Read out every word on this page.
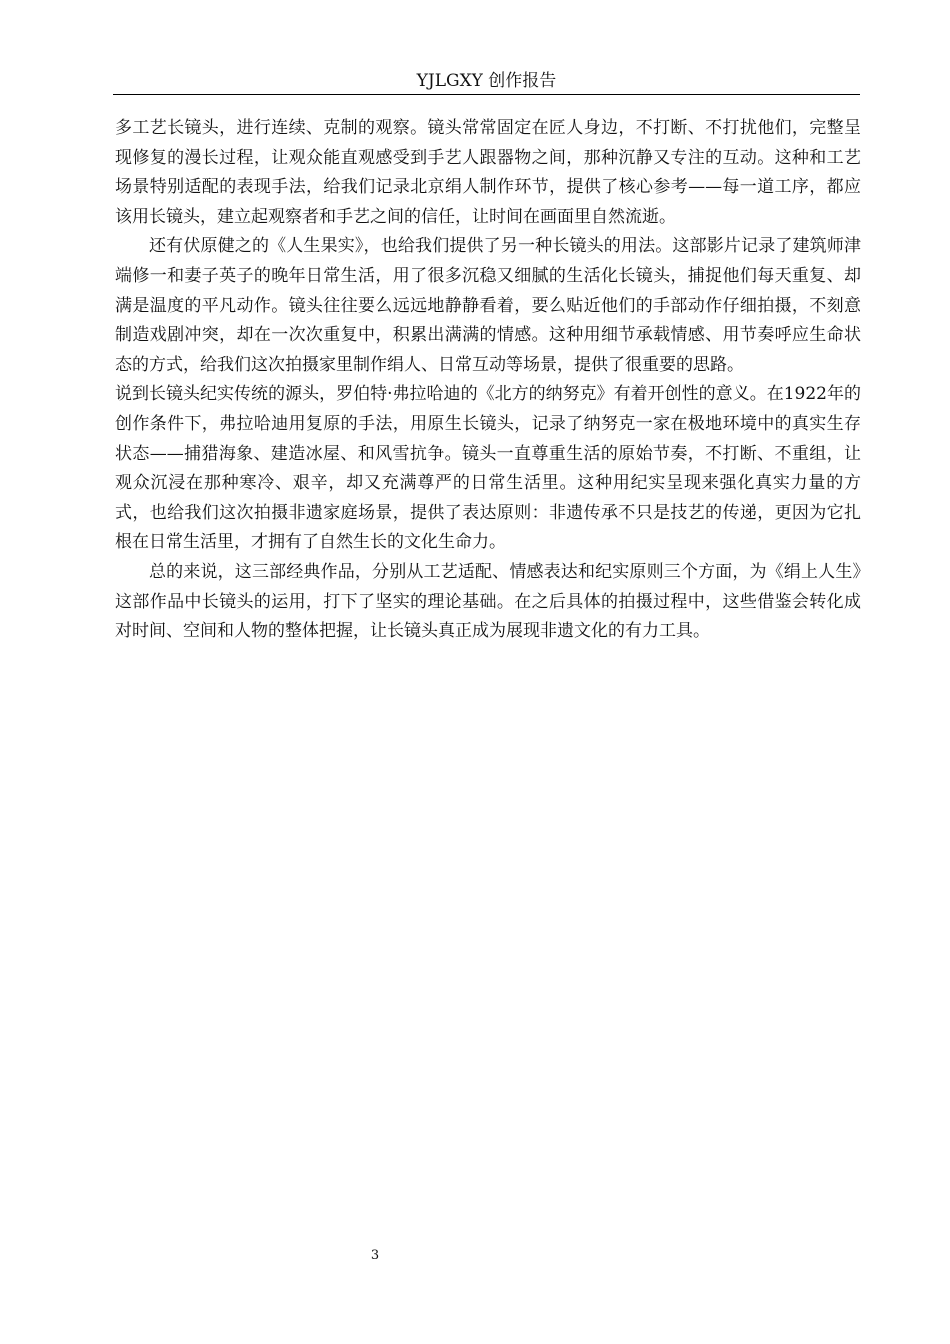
YJLGXY 创作报告

多工艺长镜头，进行连续、克制的观察。镜头常常固定在匠人身边，不打断、不打扰他们，完整呈现修复的漫长过程，让观众能直观感受到手艺人跟器物之间，那种沉静又专注的互动。这种和工艺场景特别适配的表现手法，给我们记录北京绢人制作环节，提供了核心参考——每一道工序，都应该用长镜头，建立起观察者和手艺之间的信任，让时间在画面里自然流逝。

还有伏原健之的《人生果实》，也给我们提供了另一种长镜头的用法。这部影片记录了建筑师津端修一和妻子英子的晚年日常生活，用了很多沉稳又细腻的生活化长镜头，捕捉他们每天重复、却满是温度的平凡动作。镜头往往要么远远地静静看着，要么贴近他们的手部动作仔细拍摄，不刻意制造戏剧冲突，却在一次次重复中，积累出满满的情感。这种用细节承载情感、用节奏呼应生命状态的方式，给我们这次拍摄家里制作绢人、日常互动等场景，提供了很重要的思路。

说到长镜头纪实传统的源头，罗伯特·弗拉哈迪的《北方的纳努克》有着开创性的意义。在1922年的创作条件下，弗拉哈迪用复原的手法，用原生长镜头，记录了纳努克一家在极地环境中的真实生存状态——捕猎海象、建造冰屋、和风雪抗争。镜头一直尊重生活的原始节奏，不打断、不重组，让观众沉浸在那种寒冷、艰辛，却又充满尊严的日常生活里。这种用纪实呈现来强化真实力量的方式，也给我们这次拍摄非遗家庭场景，提供了表达原则：非遗传承不只是技艺的传递，更因为它扎根在日常生活里，才拥有了自然生长的文化生命力。

总的来说，这三部经典作品，分别从工艺适配、情感表达和纪实原则三个方面，为《绢上人生》这部作品中长镜头的运用，打下了坚实的理论基础。在之后具体的拍摄过程中，这些借鉴会转化成对时间、空间和人物的整体把握，让长镜头真正成为展现非遗文化的有力工具。

3
